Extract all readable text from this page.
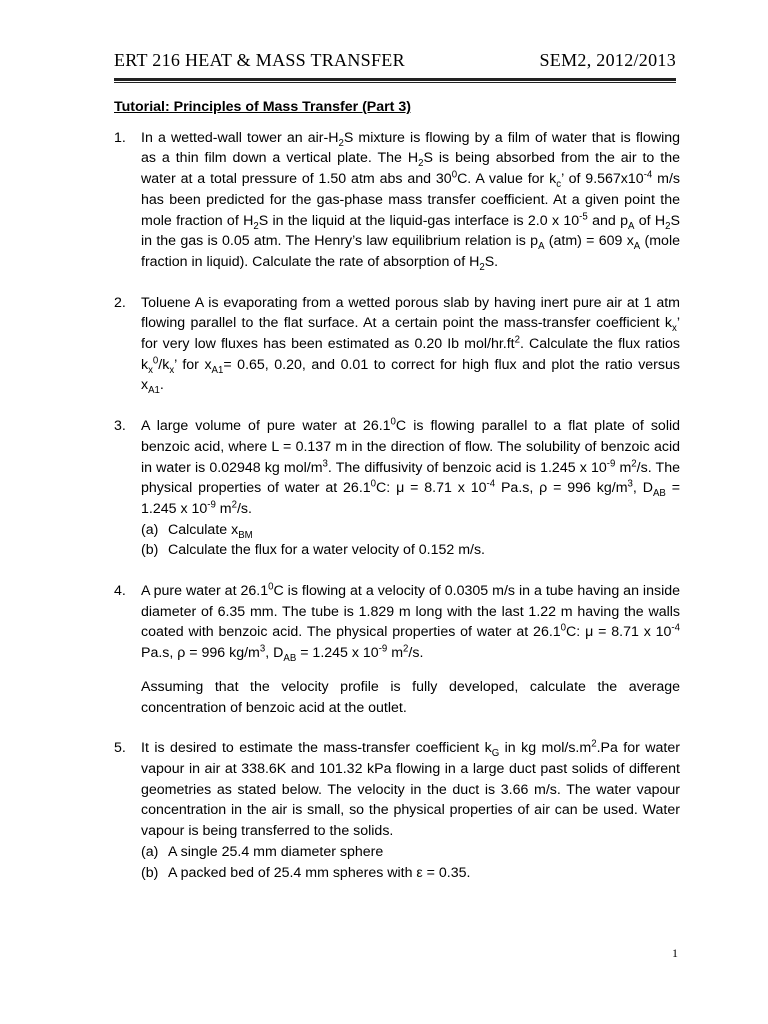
ERT 216 HEAT & MASS TRANSFER	SEM2, 2012/2013
Tutorial: Principles of Mass Transfer (Part 3)
1. In a wetted-wall tower an air-$H_2S$ mixture is flowing by a film of water that is flowing as a thin film down a vertical plate. The $H_2S$ is being absorbed from the air to the water at a total pressure of 1.50 atm abs and $30^0C$. A value for $k_c$’ of $9.567x10^{-4}$ m/s has been predicted for the gas-phase mass transfer coefficient. At a given point the mole fraction of $H_2S$ in the liquid at the liquid-gas interface is 2.0 x $10^{-5}$ and $p_A$ of $H_2S$ in the gas is 0.05 atm. The Henry’s law equilibrium relation is $p_A$ (atm) = 609 $x_A$ (mole fraction in liquid). Calculate the rate of absorption of $H_2S$.

2. Toluene A is evaporating from a wetted porous slab by having inert pure air at 1 atm flowing parallel to the flat surface. At a certain point the mass-transfer coefficient $k_x$’ for very low fluxes has been estimated as 0.20 Ib mol/$hr.ft^2$. Calculate the flux ratios $k_x^0/k_x$’ for $x_{A1}= 0.65$, 0.20, and 0.01 to correct for high flux and plot the ratio versus $x_{A1}$.

3. A large volume of pure water at 26.1$^0$C is flowing parallel to a flat plate of solid benzoic acid, where L = 0.137 m in the direction of flow. The solubility of benzoic acid in water is 0.02948 kg mol/$m^3$. The diffusivity of benzoic acid is 1.245 x $10^{-9}$ $m^2/s$. The physical properties of water at 26.1$^0$C: μ = 8.71 x $10^{-4}$ Pa.s, ρ = 996 $kg/m^3$, $D_{AB} = 1.245$ x $10^{-9}$ $m^2/s$.

(a) Calculate $x_{BM}$
(b) Calculate the flux for a water velocity of 0.152 m/s.
4. A pure water at 26.1$^0$C is flowing at a velocity of 0.0305 m/s in a tube having an inside diameter of 6.35 mm. The tube is 1.829 m long with the last 1.22 m having the walls coated with benzoic acid. The physical properties of water at 26.1$^0$C: μ = 8.71 x $10^{-4}$ Pa.s, ρ = 996 $kg/m^3$, $D_{AB} = 1.245$ x $10^{-9}$ $m^2/s$.

Assuming that the velocity profile is fully developed, calculate the average concentration of benzoic acid at the outlet.

5. It is desired to estimate the mass-transfer coefficient $k_G$ in kg mol/$s.m^2.Pa$ for water vapour in air at 338.6K and 101.32 kPa flowing in a large duct past solids of different geometries as stated below. The velocity in the duct is 3.66 m/s. The water vapour concentration in the air is small, so the physical properties of air can be used. Water vapour is being transferred to the solids.

(a) A single 25.4 mm diameter sphere
(b) A packed bed of 25.4 mm spheres with ε = 0.35.
1
